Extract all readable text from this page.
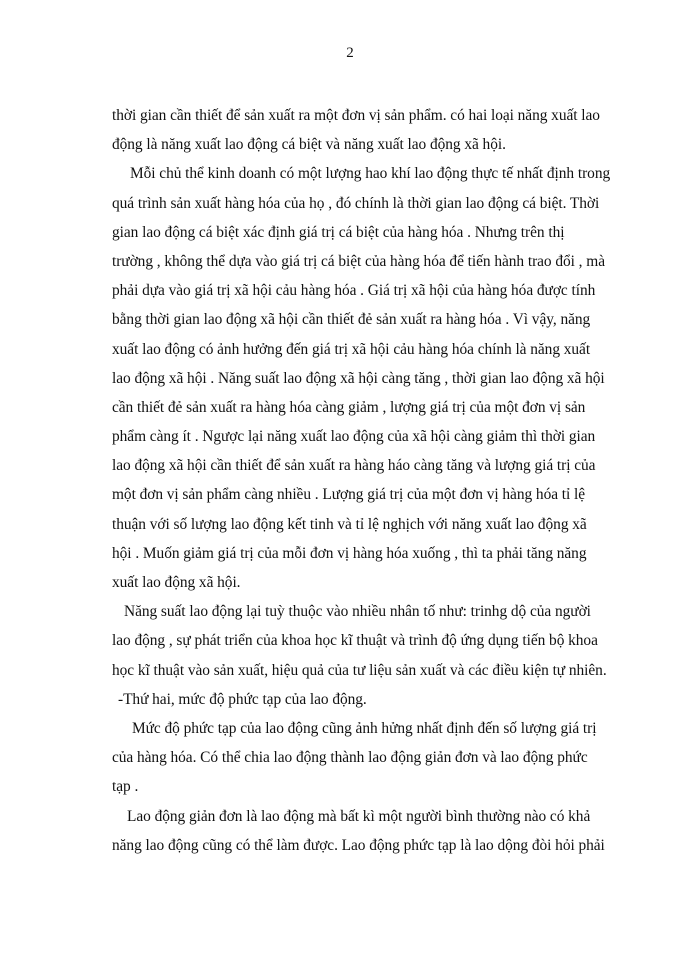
2
thời gian cần thiết để sản xuất ra một đơn vị sản phẩm. có hai loại năng xuất lao
động là năng xuất lao động cá biệt và năng xuất lao động xã hội.
Mỗi chủ thể kinh doanh có một lượng hao khí lao động thực tế nhất định trong
quá trình sản xuất hàng hóa của họ , đó chính là thời gian lao động cá biệt. Thời
gian lao động cá biệt xác định giá trị cá biệt của hàng hóa . Nhưng trên thị
trường , không thể dựa vào giá trị cá biệt của hàng hóa để tiến hành trao đổi , mà
phải dựa vào giá trị xã hội cảu hàng hóa . Giá trị xã hội của hàng hóa được tính
bằng thời gian lao động xã hội cần thiết đẻ sản xuất ra hàng hóa . Vì vậy, năng
xuất lao động có ảnh hưởng đến giá trị xã hội cảu hàng hóa chính là năng xuất
lao động xã hội . Năng suất lao động xã hội càng tăng , thời gian lao động xã hội
cần thiết đẻ sản xuất ra hàng hóa càng giảm , lượng giá trị của một đơn vị sản
phẩm càng ít . Ngược lại năng xuất lao động của xã hội càng giảm thì thời gian
lao động xã hội cần thiết để sản xuất ra hàng háo càng tăng và lượng giá trị của
một đơn vị sản phẩm càng nhiều . Lượng giá trị của một đơn vị hàng hóa tỉ lệ
thuận với số lượng lao động kết tinh và tỉ lệ nghịch với năng xuất lao động xã
hội . Muốn giảm giá trị của mỗi đơn vị hàng hóa xuống , thì ta phải tăng năng
xuất lao động xã hội.
Năng suất lao động lại tuỳ thuộc vào nhiều nhân tố như: trinhg dộ của người
lao động , sự phát triển của khoa học kĩ thuật và trình độ ứng dụng tiến bộ khoa
học kĩ thuật vào sản xuất, hiệu quả của tư liệu sản xuất và các điều kiện tự nhiên.
-Thứ hai, mức độ phức tạp của lao động.
Mức độ phức tạp của lao động cũng ảnh hửng nhất định đến số lượng giá trị
của hàng hóa. Có thể chia lao động thành lao động giản đơn và lao động phức
tạp .
Lao động giản đơn là lao động mà bất kì một người bình thường nào có khả
năng lao động cũng có thể làm được. Lao động phức tạp là lao dộng đòi hỏi phải
